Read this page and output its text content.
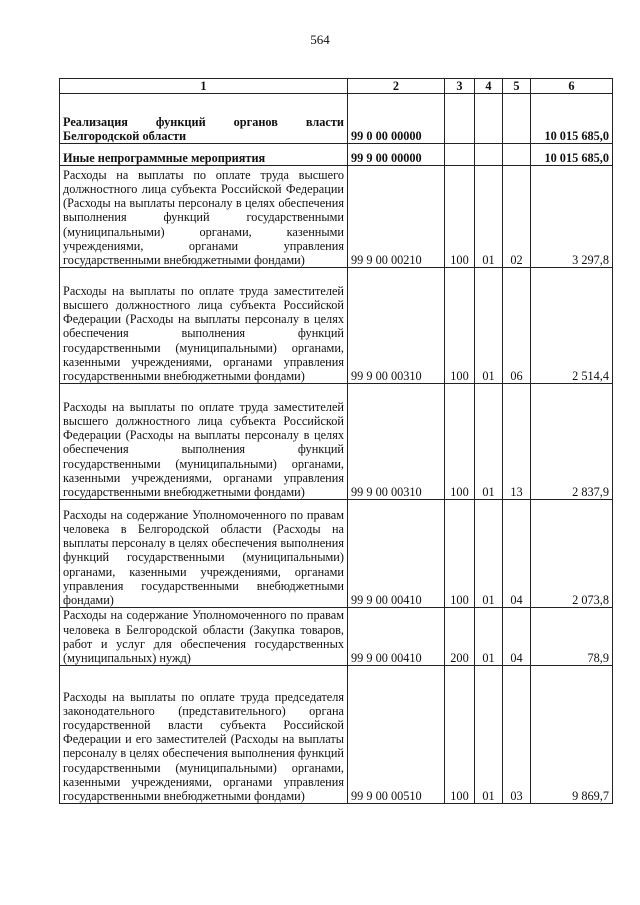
564
1	2	3	4	5	6

Реализация функций органов власти
Белгородской области	99 0 00 00000				10 015 685,0
Иные непрограммные мероприятия	99 9 00 00000				10 015 685,0
Расходы на выплаты по оплате труда высшего должностного лица субъекта Российской Федерации (Расходы на выплаты персоналу в целях обеспечения выполнения функций государственными (муниципальными) органами, казенными учреждениями, органами управления государственными внебюджетными фондами)	99 9 00 00210	100	01	02	3 297,8
Расходы на выплаты по оплате труда заместителей высшего должностного лица субъекта Российской Федерации (Расходы на выплаты персоналу в целях обеспечения выполнения функций государственными (муниципальными) органами, казенными учреждениями, органами управления государственными внебюджетными фондами)	99 9 00 00310	100	01	06	2 514,4
Расходы на выплаты по оплате труда заместителей высшего должностного лица субъекта Российской Федерации (Расходы на выплаты персоналу в целях обеспечения выполнения функций государственными (муниципальными) органами, казенными учреждениями, органами управления государственными внебюджетными фондами)	99 9 00 00310	100	01	13	2 837,9
Расходы на содержание Уполномоченного по правам человека в Белгородской области (Расходы на выплаты персоналу в целях обеспечения выполнения функций государственными (муниципальными) органами, казенными учреждениями, органами управления государственными внебюджетными фондами)	99 9 00 00410	100	01	04	2 073,8
Расходы на содержание Уполномоченного по правам человека в Белгородской области (Закупка товаров, работ и услуг для обеспечения государственных (муниципальных) нужд)	99 9 00 00410	200	01	04	78,9
Расходы на выплаты по оплате труда председателя законодательного (представительного) органа государственной власти субъекта Российской Федерации и его заместителей (Расходы на выплаты персоналу в целях обеспечения выполнения функций государственными (муниципальными) органами, казенными учреждениями, органами управления государственными внебюджетными фондами)	99 9 00 00510	100	01	03	9 869,7
